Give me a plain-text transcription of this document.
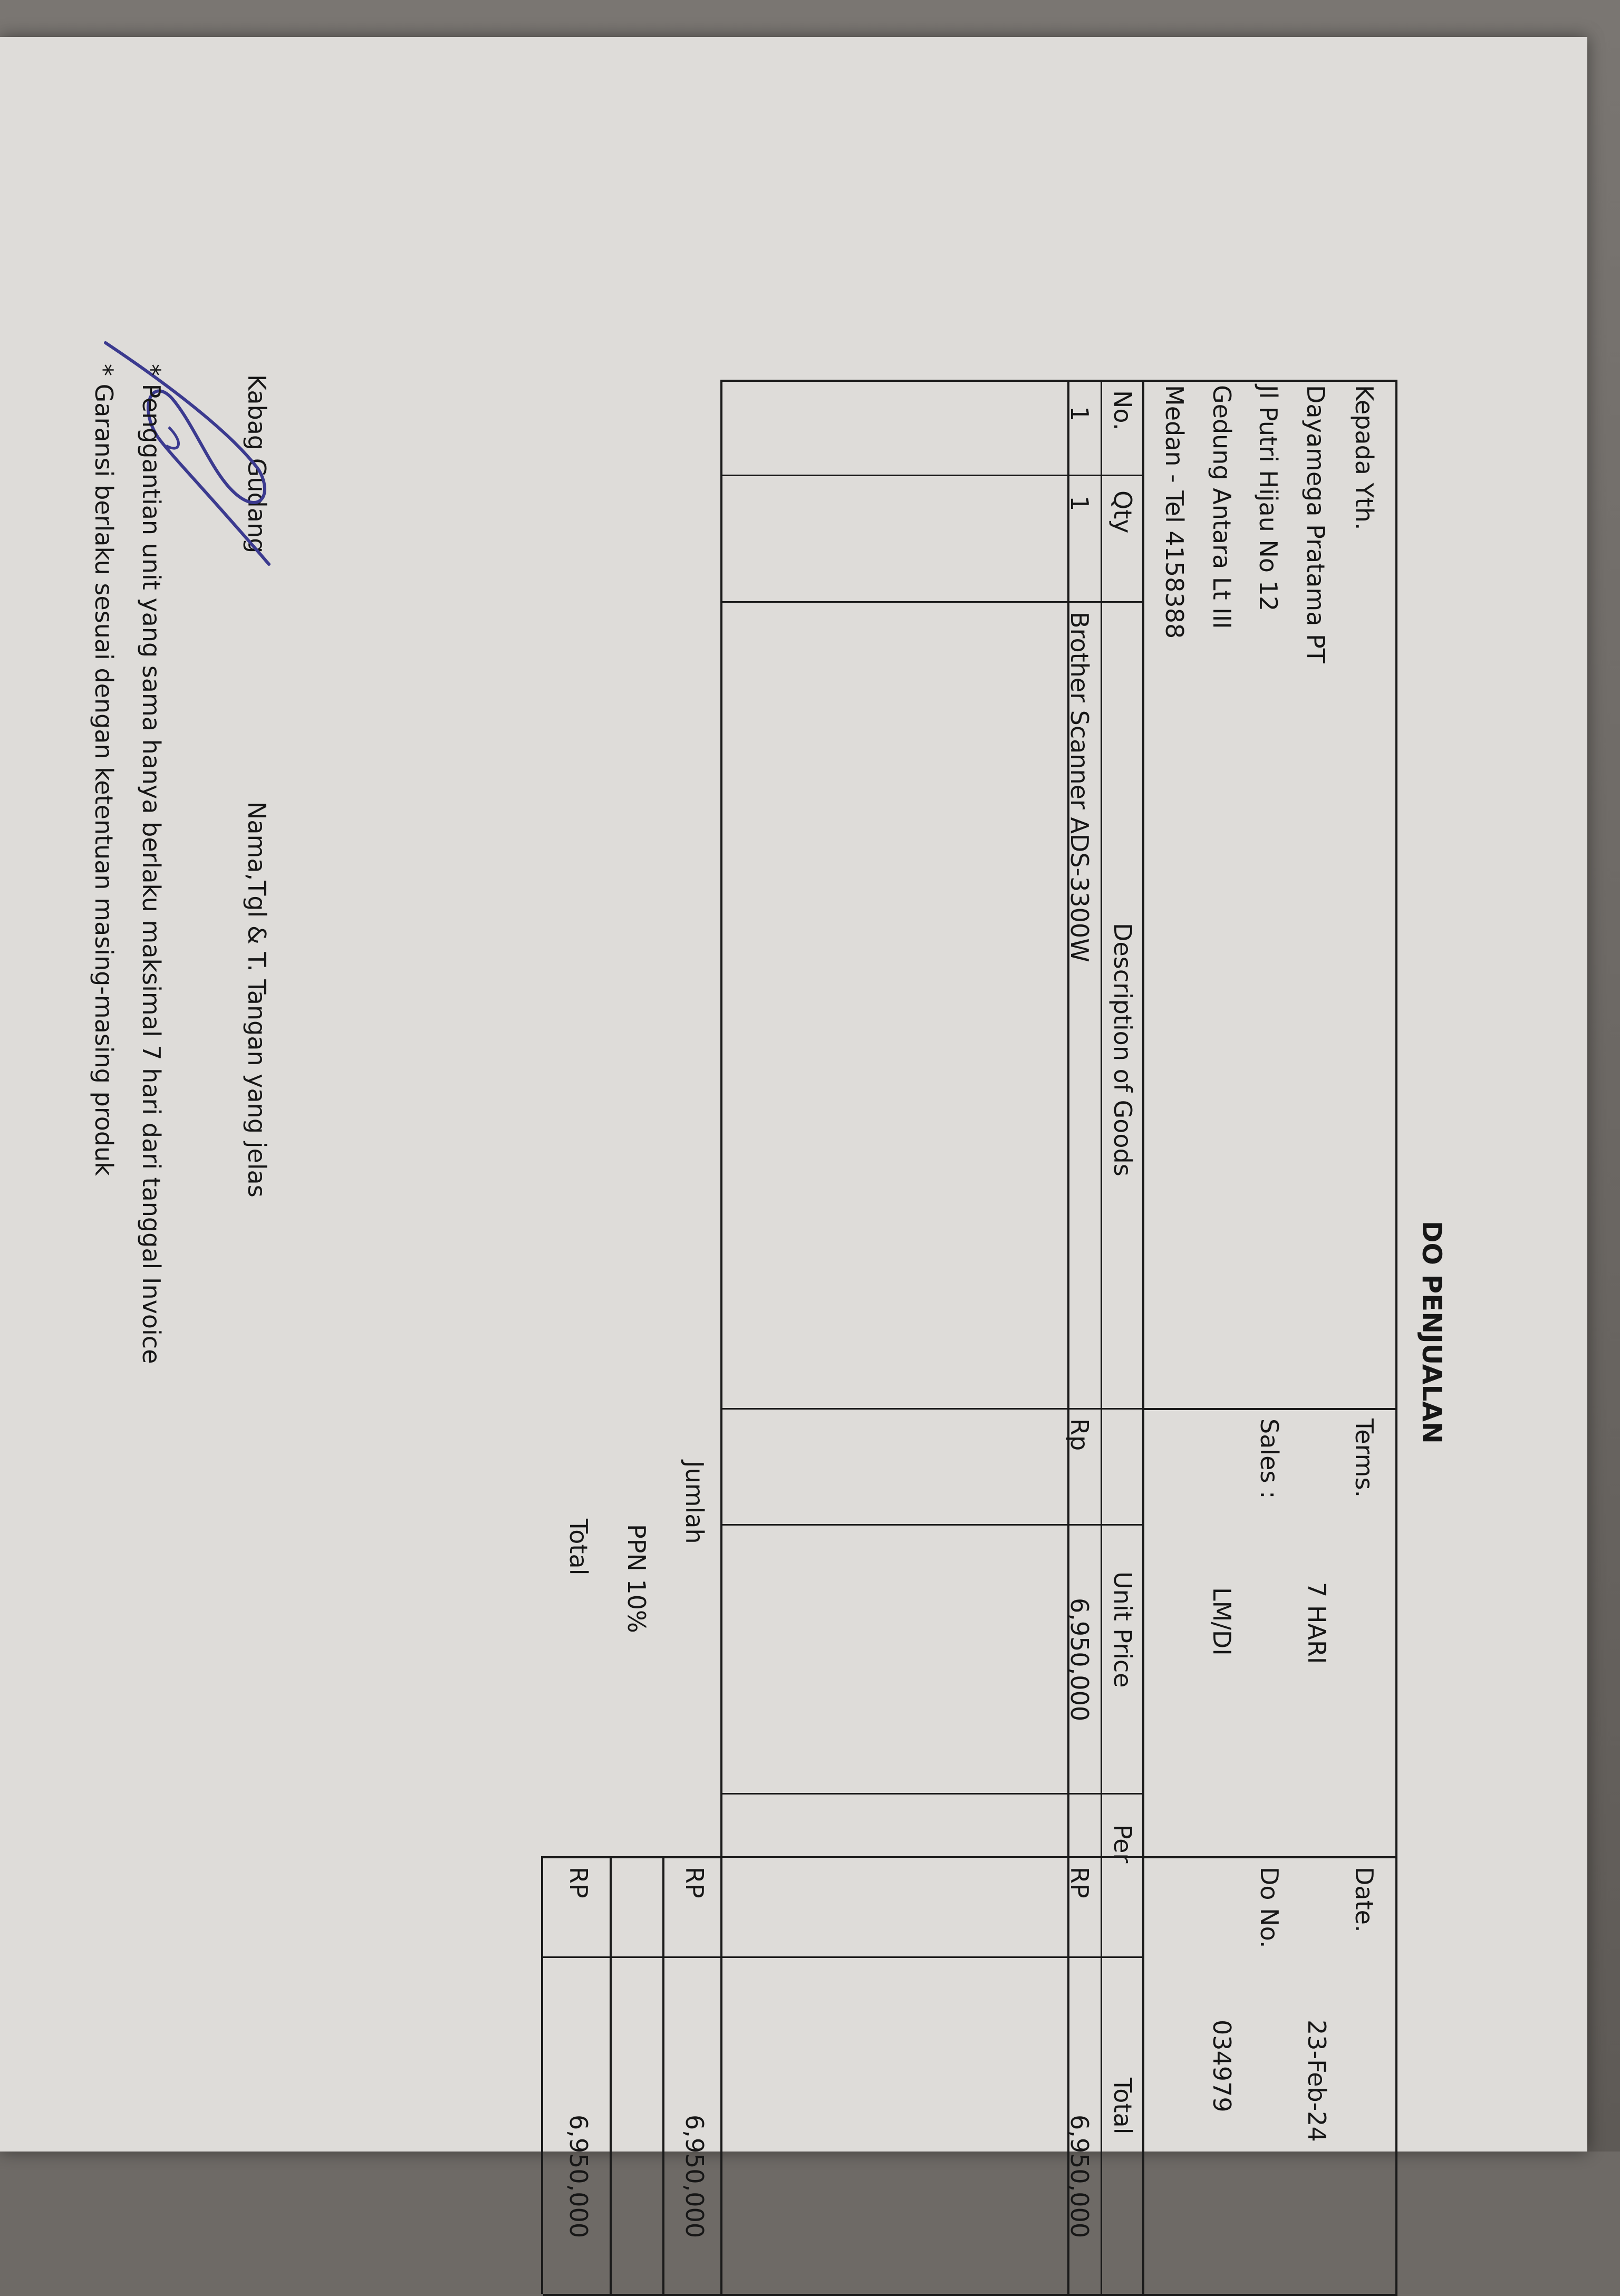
DO PENJUALAN
Kepada Yth.
Dayamega Pratama PT
Jl Putri Hijau No 12
Gedung Antara Lt III
Medan - Tel 4158388
Terms.
7 HARI
Sales :
LM/DI
Date.
23-Feb-24
Do No.
034979
No.
Qty
Description of Goods
Unit Price
Per
Total
1
1
Brother Scanner ADS-3300W
Rp
6,950,000
RP
6,950,000
Jumlah
RP
6,950,000
PPN 10%
Total
RP
6,950,000
Kabag Gudang
Nama,Tgl & T. Tangan yang jelas
* Penggantian unit yang sama hanya berlaku maksimal 7 hari dari tanggal Invoice
* Garansi berlaku sesuai dengan ketentuan masing-masing produk
